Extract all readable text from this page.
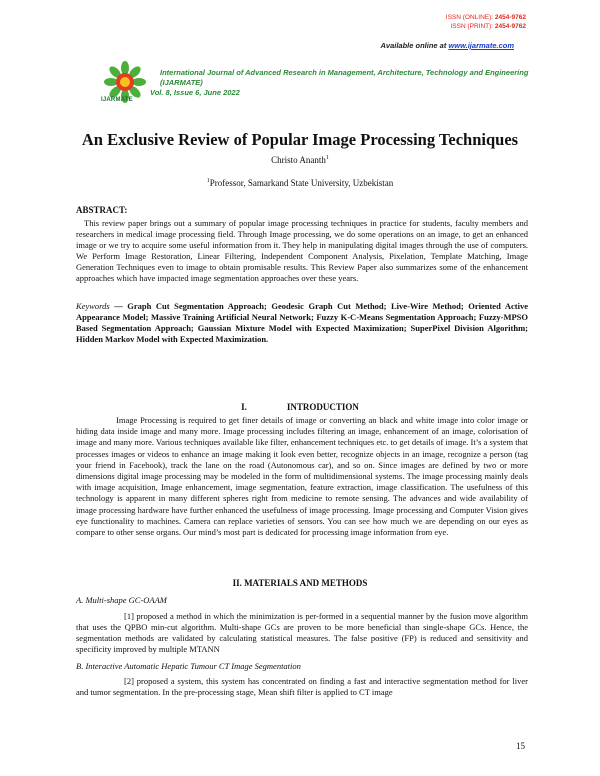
ISSN (ONLINE): 2454-9762
ISSN (PRINT): 2454-9762
Available online at www.ijarmate.com
IJARMATE
International Journal of Advanced Research in Management, Architecture, Technology and Engineering (IJARMATE)
Vol. 8, Issue 6, June 2022
An Exclusive Review of Popular Image Processing Techniques
Christo Ananth$^1$
$^1$Professor, Samarkand State University, Uzbekistan
ABSTRACT:
This review paper brings out a summary of popular image processing techniques in practice for students, faculty members and researchers in medical image processing field. Through Image processing, we do some operations on an image, to get an enhanced image or we try to acquire some useful information from it. They help in manipulating digital images through the use of computers. We Perform Image Restoration, Linear Filtering, Independent Component Analysis, Pixelation, Template Matching, Image Generation Techniques even to image to obtain promisable results. This Review Paper also summarizes some of the enhancement approaches which have impacted image segmentation approaches over these years.
Keywords — Graph Cut Segmentation Approach; Geodesic Graph Cut Method; Live-Wire Method; Oriented Active Appearance Model; Massive Training Artificial Neural Network; Fuzzy K-C-Means Segmentation Approach; Fuzzy-MPSO Based Segmentation Approach; Gaussian Mixture Model with Expected Maximization; SuperPixel Division Algorithm; Hidden Markov Model with Expected Maximization.
I.	INTRODUCTION
Image Processing is required to get finer details of image or converting an black and white image into color image or hiding data inside image and many more. Image processing includes filtering an image, enhancement of an image, colorisation of image and many more. Various techniques available like filter, enhancement techniques etc. to get details of image. It’s a system that processes images or videos to enhance an image making it look even better, recognize objects in an image, recognize a person (tag your friend in Facebook), track the lane on the road (Autonomous car), and so on. Since images are defined by two or more dimensions digital image processing may be modeled in the form of multidimensional systems. The image processing mainly deals with image acquisition, Image enhancement, image segmentation, feature extraction, image classification. The usefulness of this technology is apparent in many different spheres right from medicine to remote sensing. The advances and wide availability of image processing hardware have further enhanced the usefulness of image processing. Image processing and Computer Vision gives eye functionality to machines. Camera can replace varieties of sensors. You can see how much we are depending on our eyes as compare to other sense organs. Our mind’s most part is dedicated for processing image information from eye.
II. MATERIALS AND METHODS
A. Multi-shape GC-OAAM
[1] proposed a method in which the minimization is per-formed in a sequential manner by the fusion move algorithm that uses the QPBO min-cut algorithm. Multi-shape GCs are proven to be more beneficial than single-shape GCs. Hence, the segmentation methods are validated by calculating statistical measures. The false positive (FP) is reduced and sensitivity and specificity improved by multiple MTANN
B. Interactive Automatic Hepatic Tumour CT Image Segmentation
[2] proposed a system, this system has concentrated on finding a fast and interactive segmentation method for liver and tumor segmentation. In the pre-processing stage, Mean shift filter is applied to CT image
15
